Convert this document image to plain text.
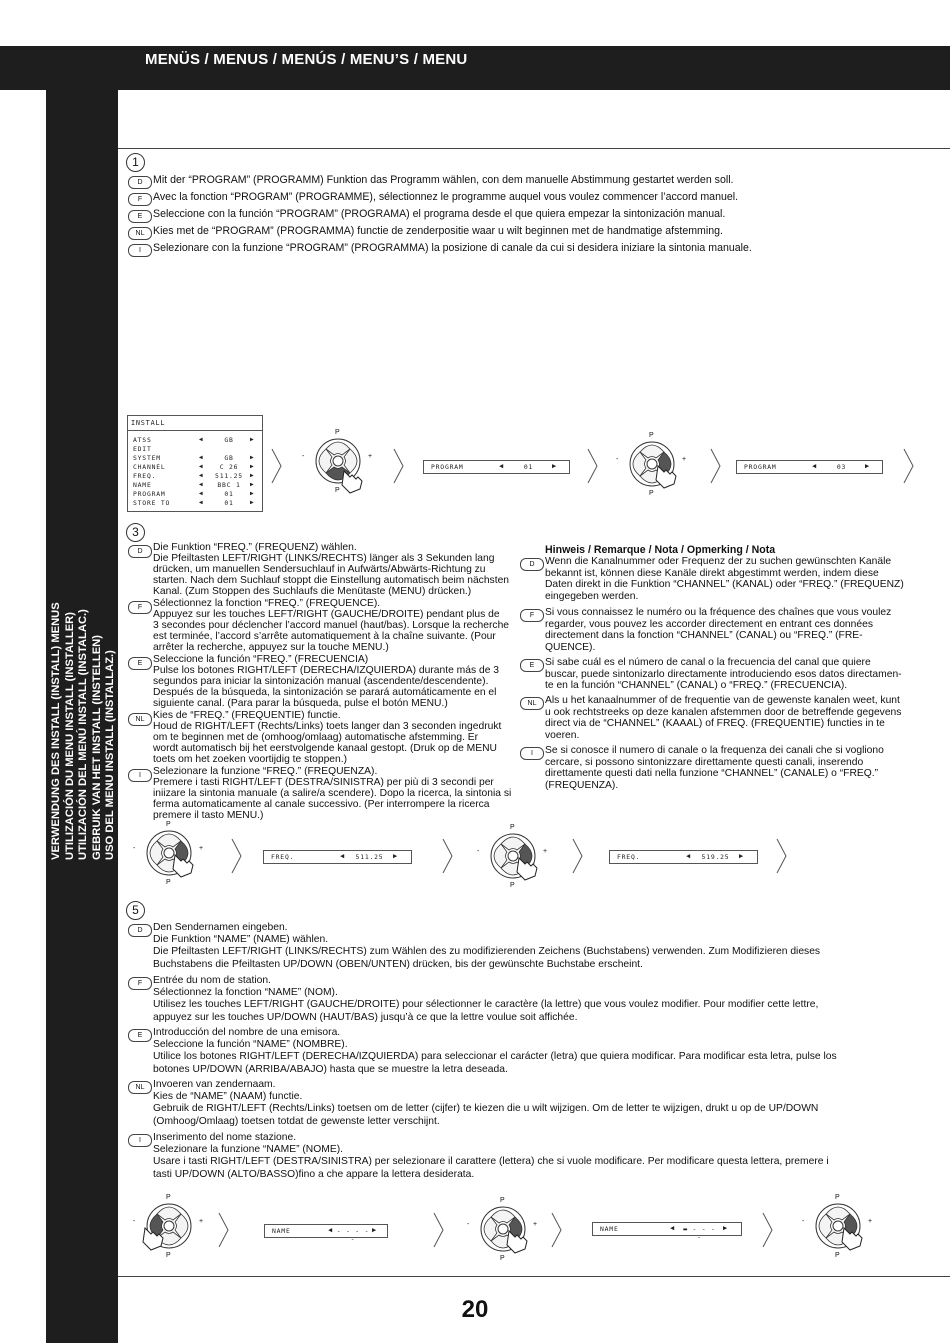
MENÜS / MENUS / MENÚS / MENU’S / MENU
VERWENDUNG DES INSTALL (INSTALL) MENUS UTILIZACIÓN DU MENU INSTALL (INSTALLER) UTILIZACIÓN DEL MENÚ INSTALL (INSTALAC.) GEBRUIK VAN HET INSTALL (INSTELLEN) USO DEL MENU INSTALL (INSTALLAZ.)
1
D Mit der “PROGRAM” (PROGRAMM) Funktion das Programm wählen, con dem manuelle Abstimmung gestartet werden soll.
F	Avec la fonction “PROGRAM” (PROGRAMME), sélectionnez le programme auquel vous voulez commencer l’accord manuel.
E	Seleccione con la función “PROGRAM” (PROGRAMA) el programa desde el que quiera empezar la sintonización manual.
NL Kies met de “PROGRAM” (PROGRAMMA) functie de zenderpositie waar u wilt beginnen met de handmatige afstemming.
I	Selezionare con la funzione “PROGRAM” (PROGRAMMA) la posizione di canale da cui si desidera iniziare la sintonia manuale.
INSTALL
ATSS	◀	GB	▶
EDIT
SYSTEM	◀	GB	▶
CHANNEL	◀	C 26	▶
FREQ.	◀	511.25	▶
NAME	◀	BBC 1	▶
PROGRAM	◀	01	▶
STORE TO	◀	01	▶
PROGRAM	◀	01	▶	PROGRAM	◀	03	▶
FREQ.	◀	511.25	▶	FREQ.	◀	519.25	▶
NAME	◀ - - - - -
▶	NAME	◀	▬ - - - -
▶
P
P
-	+
P
P
-	+
P
P
-	+
P
P
-	+
P
P
-	+
P
P
-	+
P
P
-	+
3
D	Die Funktion “FREQ.” (FREQUENZ) wählen.
Die Pfeiltasten LEFT/RIGHT (LINKS/RECHTS) länger als 3 Sekunden lang
drücken, um manuellen Sendersuchlauf in Aufwärts/Abwärts-Richtung zu
starten. Nach dem Suchlauf stoppt die Einstellung automatisch beim nächsten
Kanal. (Zum Stoppen des Suchlaufs die Menütaste (MENU) drücken.)
F	Sélectionnez la fonction “FREQ.” (FREQUENCE).
Appuyez sur les touches LEFT/RIGHT (GAUCHE/DROITE) pendant plus de
3 secondes pour déclencher l’accord manuel (haut/bas). Lorsque la recherche
est terminée, l’accord s’arrête automatiquement à la chaîne suivante. (Pour
arrêter la recherche, appuyez sur la touche MENU.)
E	Seleccione la función “FREQ.” (FRECUENCIA)
Pulse los botones RIGHT/LEFT (DERECHA/IZQUIERDA) durante más de 3
segundos para iniciar la sintonización manual (ascendente/descendente).
Después de la búsqueda, la sintonización se parará automáticamente en el
siguiente canal. (Para parar la búsqueda, pulse el botón MENU.)
NL Kies de “FREQ.” (FREQUENTIE) functie.
Houd de RIGHT/LEFT (Rechts/Links) toets langer dan 3 seconden ingedrukt
om te beginnen met de (omhoog/omlaag) automatische afstemming. Er
wordt automatisch bij het eerstvolgende kanaal gestopt. (Druk op de MENU
toets om het zoeken voortijdig te stoppen.)
I	Selezionare la funzione “FREQ.” (FREQUENZA).
Premere i tasti RIGHT/LEFT (DESTRA/SINISTRA) per più di 3 secondi per
iniizare la sintonia manuale (a salire/a scendere). Dopo la ricerca, la sintonia si
ferma automaticamente al canale successivo. (Per interrompere la ricerca
premere il tasto MENU.)
Hinweis / Remarque / Nota / Opmerking / Nota
D	Wenn die Kanalnummer oder Frequenz der zu suchen gewünschten Kanäle
bekannt ist, können diese Kanäle direkt abgestimmt werden, indem diese
Daten direkt in die Funktion “CHANNEL” (KANAL) oder “FREQ.” (FREQUENZ)
eingegeben werden.
F	Si vous connaissez le numéro ou la fréquence des chaînes que vous voulez
regarder, vous pouvez les accorder directement en entrant ces données
directement dans la fonction “CHANNEL” (CANAL) ou “FREQ.” (FRE-
QUENCE).
E	Si sabe cuál es el número de canal o la frecuencia del canal que quiere
buscar, puede sintonizarlo directamente introduciendo esos datos directamen-
te en la función “CHANNEL” (CANAL) o “FREQ.” (FRECUENCIA).
NL Als u het kanaalnummer of de frequentie van de gewenste kanalen weet, kunt
u ook rechtstreeks op deze kanalen afstemmen door de betreffende gegevens
direct via de “CHANNEL” (KAAAL) of FREQ. (FREQUENTIE) functies in te
voeren.
I	Se si conosce il numero di canale o la frequenza dei canali che si vogliono
cercare, si possono sintonizzare direttamente questi canali, inserendo
direttamente questi dati nella funzione “CHANNEL” (CANALE) o “FREQ.”
(FREQUENZA).
5
D	Den Sendernamen eingeben.
Die Funktion “NAME” (NAME) wählen.
Die Pfeiltasten LEFT/RIGHT (LINKS/RECHTS) zum Wählen des zu modifizierenden Zeichens (Buchstabens) verwenden. Zum Modifizieren dieses
Buchstabens die Pfeiltasten UP/DOWN (OBEN/UNTEN) drücken, bis der gewünschte Buchstabe erscheint.
F	Entrée du nom de station.
Sélectionnez la fonction “NAME” (NOM).
Utilisez les touches LEFT/RIGHT (GAUCHE/DROITE) pour sélectionner le caractère (la lettre) que vous voulez modifier. Pour modifier cette lettre,
appuyez sur les touches UP/DOWN (HAUT/BAS) jusqu’à ce que la lettre voulue soit affichée.
E	Introducción del nombre de una emisora.
Seleccione la función “NAME” (NOMBRE).
Utilice los botones RIGHT/LEFT (DERECHA/IZQUIERDA) para seleccionar el carácter (letra) que quiera modificar. Para modificar esta letra, pulse los
botones UP/DOWN (ARRIBA/ABAJO) hasta que se muestre la letra deseada.
NL Invoeren van zendernaam.
Kies de “NAME” (NAAM) functie.
Gebruik de RIGHT/LEFT (Rechts/Links) toetsen om de letter (cijfer) te kiezen die u wilt wijzigen. Om de letter te wijzigen, drukt u op de UP/DOWN
(Omhoog/Omlaag) toetsen totdat de gewenste letter verschijnt.
I	Inserimento del nome stazione.
Selezionare la funzione “NAME” (NOME).
Usare i tasti RIGHT/LEFT (DESTRA/SINISTRA) per selezionare il carattere (lettera) che si vuole modificare. Per modificare questa lettera, premere i
tasti UP/DOWN (ALTO/BASSO)fino a che appare la lettera desiderata.
20
